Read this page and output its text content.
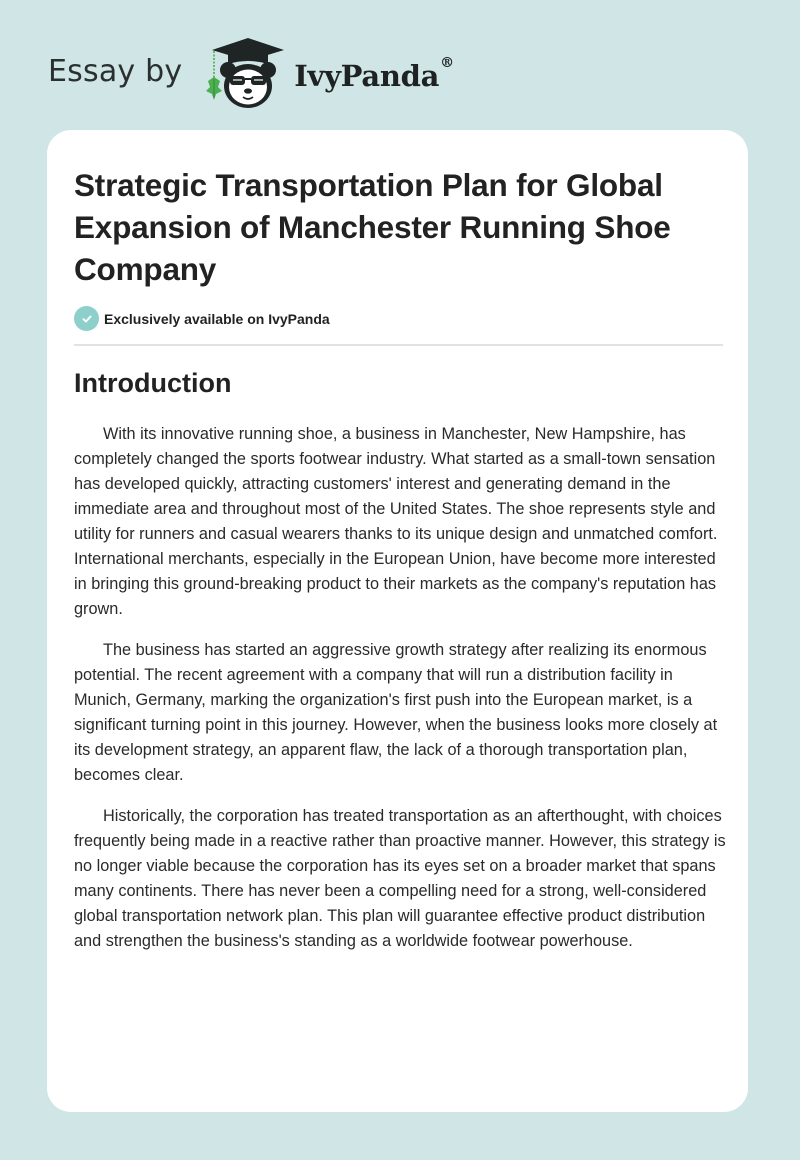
Essay by	IvyPanda®
Strategic Transportation Plan for Global Expansion of Manchester Running Shoe Company
Exclusively available on IvyPanda
Introduction

With its innovative running shoe, a business in Manchester, New Hampshire, has completely changed the sports footwear industry. What started as a small-town sensation has developed quickly, attracting customers' interest and generating demand in the immediate area and throughout most of the United States. The shoe represents style and utility for runners and casual wearers thanks to its unique design and unmatched comfort. International merchants, especially in the European Union, have become more interested in bringing this ground-breaking product to their markets as the company's reputation has grown.

The business has started an aggressive growth strategy after realizing its enormous potential. The recent agreement with a company that will run a distribution facility in Munich, Germany, marking the organization's first push into the European market, is a significant turning point in this journey. However, when the business looks more closely at its development strategy, an apparent flaw, the lack of a thorough transportation plan, becomes clear.

Historically, the corporation has treated transportation as an afterthought, with choices frequently being made in a reactive rather than proactive manner. However, this strategy is no longer viable because the corporation has its eyes set on a broader market that spans many continents. There has never been a compelling need for a strong, well-considered global transportation network plan. This plan will guarantee effective product distribution and strengthen the business's standing as a worldwide footwear powerhouse.
